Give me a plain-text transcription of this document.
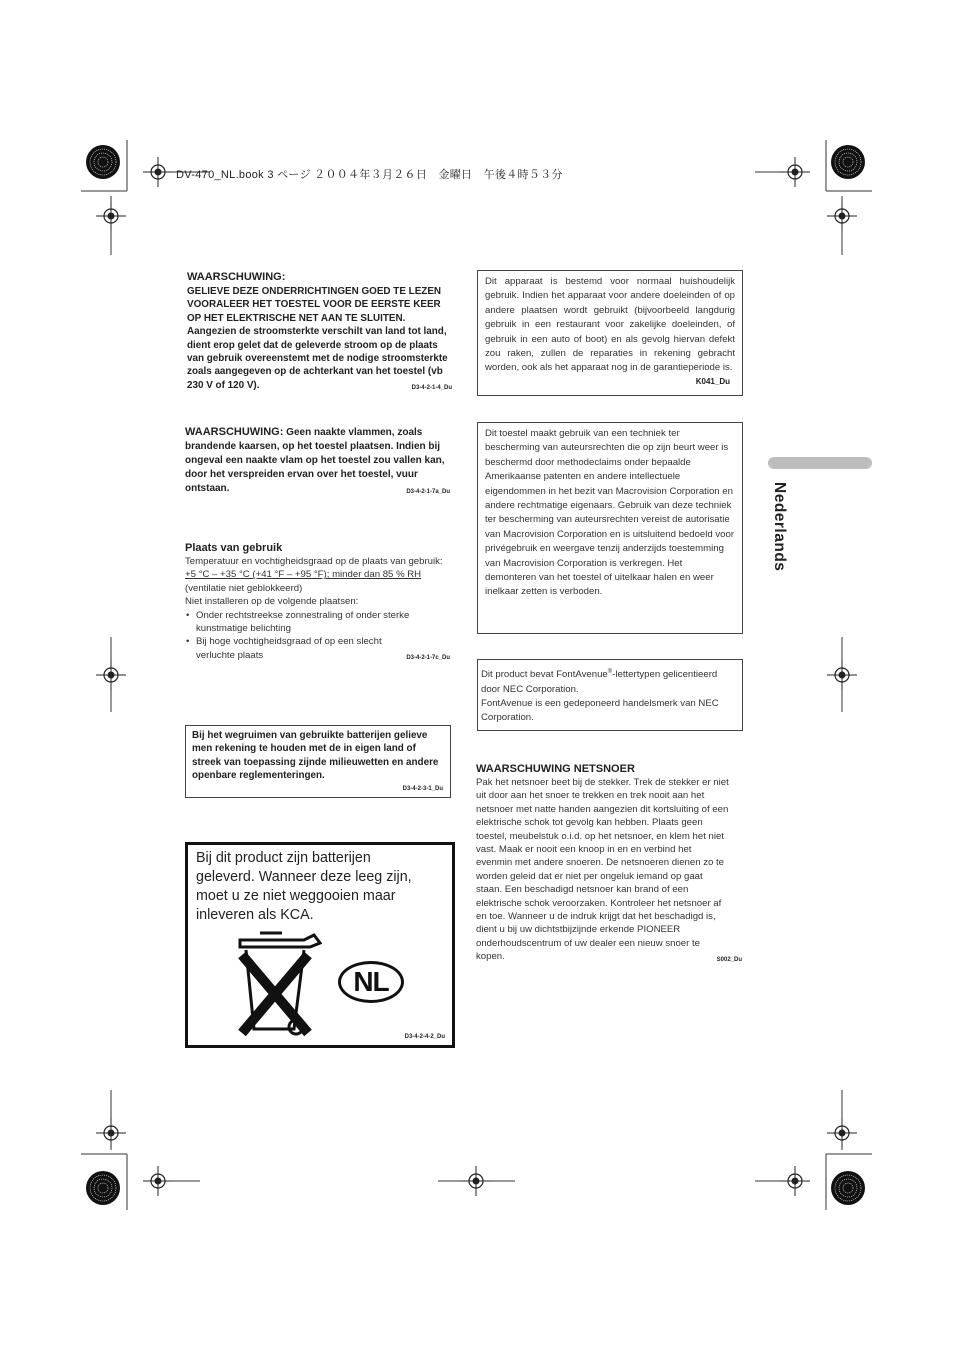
DV-470_NL.book 3 ページ ２００４年３月２６日　金曜日　午後４時５３分
Nederlands
WAARSCHUWING:
GELIEVE DEZE ONDERRICHTINGEN GOED TE LEZEN VOORALEER HET TOESTEL VOOR DE EERSTE KEER OP HET ELEKTRISCHE NET AAN TE SLUITEN. Aangezien de stroomsterkte verschilt van land tot land, dient erop gelet dat de geleverde stroom op de plaats van gebruik overeenstemt met de nodige stroomsterkte zoals aangegeven op de achterkant van het toestel (vb 230 V of 120 V).	D3-4-2-1-4_Du
WAARSCHUWING: Geen naakte vlammen, zoals brandende kaarsen, op het toestel plaatsen. Indien bij ongeval een naakte vlam op het toestel zou vallen kan, door het verspreiden ervan over het toestel, vuur ontstaan.	D3-4-2-1-7a_Du
Plaats van gebruik
Temperatuur en vochtigheidsgraad op de plaats van gebruik:
+5 °C – +35 °C (+41 °F – +95 °F); minder dan 85 % RH
(ventilatie niet geblokkeerd)
Niet installeren op de volgende plaatsen:
• Onder rechtstreekse zonnestraling of onder sterke kunstmatige belichting
• Bij hoge vochtigheidsgraad of op een slecht verluchte plaats	D3-4-2-1-7c_Du
Bij het wegruimen van gebruikte batterijen gelieve men rekening te houden met de in eigen land of streek van toepassing zijnde milieuwetten en andere openbare reglementeringen.
D3-4-2-3-1_Du
Bij dit product zijn batterijen geleverd. Wanneer deze leeg zijn, moet u ze niet weggooien maar inleveren als KCA.
NL
D3-4-2-4-2_Du
Dit apparaat is bestemd voor normaal huishoudelijk gebruik. Indien het apparaat voor andere doeleinden of op andere plaatsen wordt gebruikt (bijvoorbeeld langdurig gebruik in een restaurant voor zakelijke doeleinden, of gebruik in een auto of boot) en als gevolg hiervan defekt zou raken, zullen de reparaties in rekening gebracht worden, ook als het apparaat nog in de garantieperiode is.
K041_Du
Dit toestel maakt gebruik van een techniek ter bescherming van auteursrechten die op zijn beurt weer is beschermd door methodeclaims onder bepaalde Amerikaanse patenten en andere intellectuele eigendommen in het bezit van Macrovision Corporation en andere rechtmatige eigenaars. Gebruik van deze techniek ter bescherming van auteursrechten vereist de autorisatie van Macrovision Corporation en is uitsluitend bedoeld voor privégebruik en weergave tenzij anderzijds toestemming van Macrovision Corporation is verkregen. Het demonteren van het toestel of uitelkaar halen en weer inelkaar zetten is verboden.
Dit product bevat FontAvenue®-lettertypen gelicentieerd door NEC Corporation.
FontAvenue is een gedeponeerd handelsmerk van NEC Corporation.
WAARSCHUWING NETSNOER
Pak het netsnoer beet bij de stekker. Trek de stekker er niet uit door aan het snoer te trekken en trek nooit aan het netsnoer met natte handen aangezien dit kortsluiting of een elektrische schok tot gevolg kan hebben. Plaats geen toestel, meubelstuk o.i.d. op het netsnoer, en klem het niet vast. Maak er nooit een knoop in en en verbind het evenmin met andere snoeren. De netsnoeren dienen zo te worden geleid dat er niet per ongeluk iemand op gaat staan. Een beschadigd netsnoer kan brand of een elektrische schok veroorzaken. Kontroleer het netsnoer af en toe. Wanneer u de indruk krijgt dat het beschadigd is, dient u bij uw dichtstbijzijnde erkende PIONEER onderhoudscentrum of uw dealer een nieuw snoer te kopen.	S002_Du
